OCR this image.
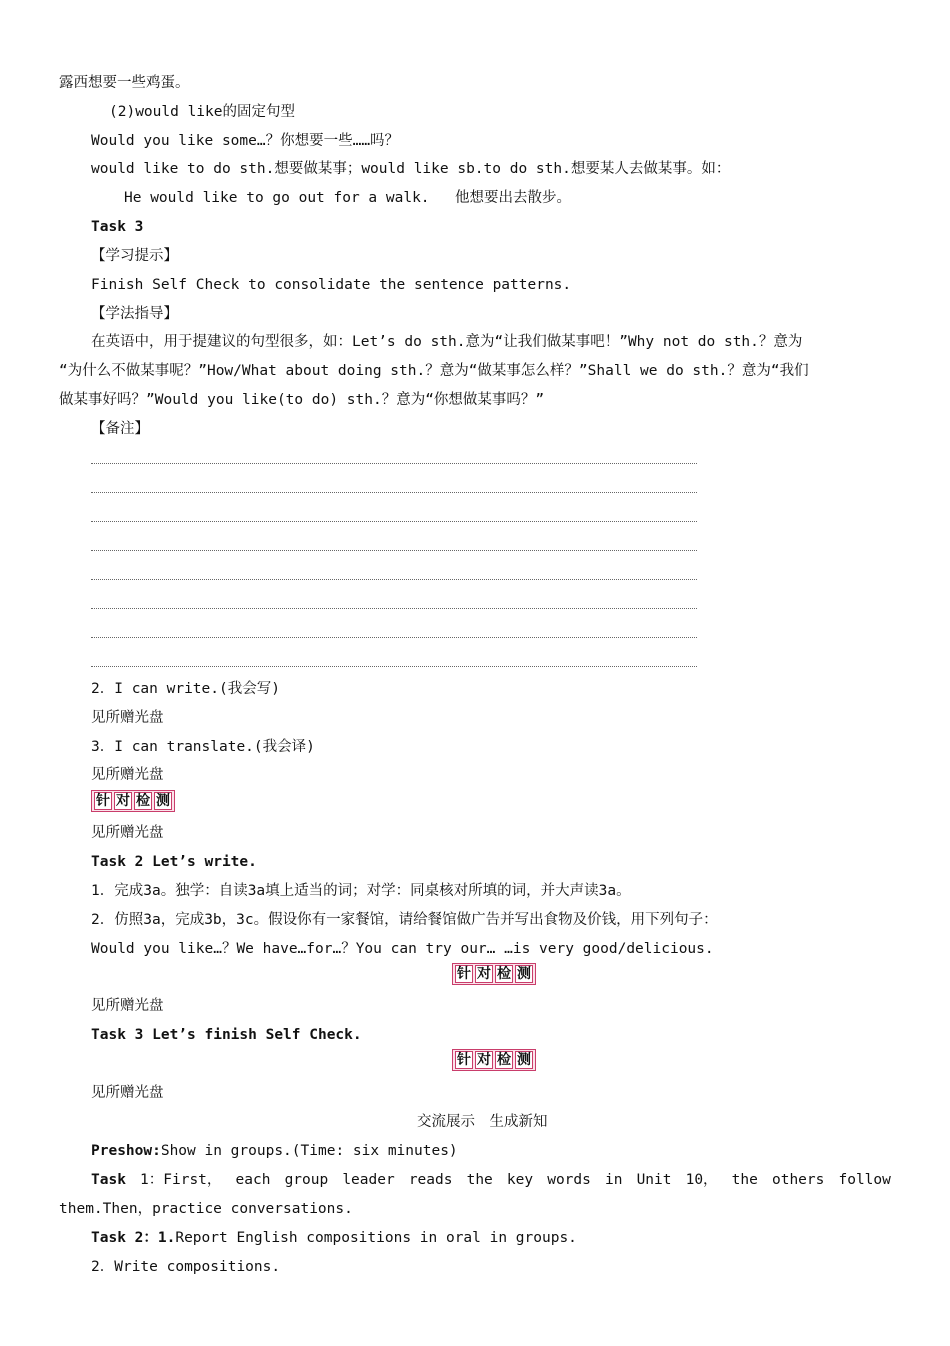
露西想要一些鸡蛋。
(2)would like的固定句型
Would you like some…？你想要一些……吗？
would like to do sth.想要做某事；would like sb.to do sth.想要某人去做某事。如：
He would like to go out for a walk. 他想要出去散步。
Task 3
【学习提示】
Finish Self Check to consolidate the sentence patterns.
【学法指导】
在英语中，用于提建议的句型很多，如：Let’s do sth.意为“让我们做某事吧！”Why not do sth.？意为
“为什么不做某事呢？”How/What about doing sth.？意为“做某事怎么样？”Shall we do sth.？意为“我们
做某事好吗？”Would you like(to do) sth.？意为“你想做某事吗？”
【备注】
2．I can write.(我会写)
见所赠光盘
3．I can translate.(我会译)
见所赠光盘
针 对 检 测
见所赠光盘
Task 2 Let’s write.
1．完成3a。独学：自读3a填上适当的词；对学：同桌核对所填的词，并大声读3a。
2．仿照3a，完成3b，3c。假设你有一家餐馆，请给餐馆做广告并写出食物及价钱，用下列句子：
Would you like…？We have…for…？You can try our… …is very good/delicious.
针 对 检 测
见所赠光盘
Task 3 Let’s finish Self Check.
针 对 检 测
见所赠光盘
交流展示　生成新知
Preshow:Show in groups.(Time: six minutes)
Task 1：First， each group leader reads the key words in Unit 10， the others follow
them.Then，practice conversations.
Task 2：1.Report English compositions in oral in groups.
2．Write compositions.
